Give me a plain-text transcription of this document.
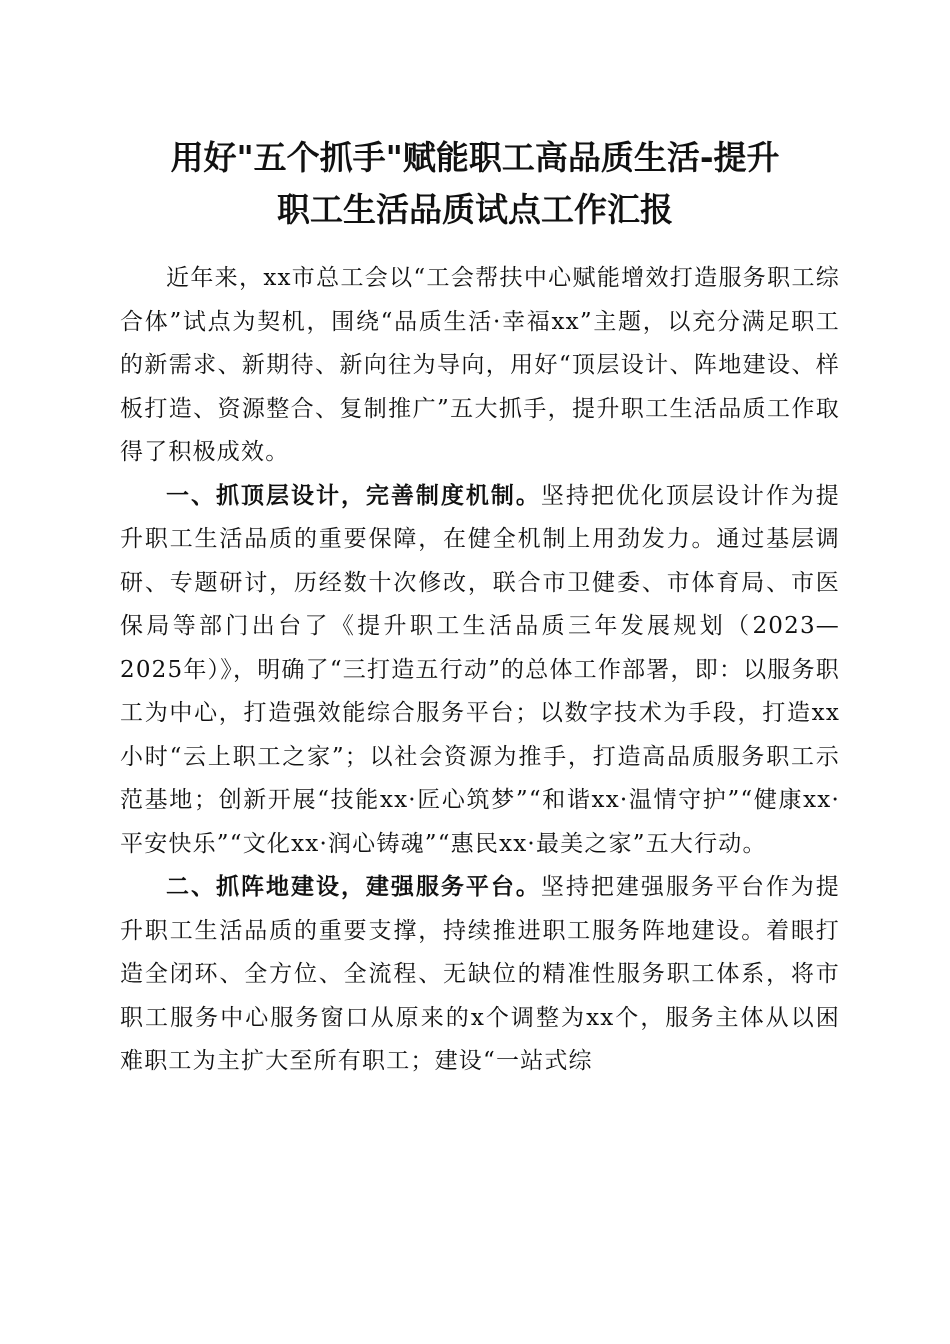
用好"五个抓手"赋能职工高品质生活-提升
职工生活品质试点工作汇报

近年来，xx市总工会以“工会帮扶中心赋能增效打造服务职工综合体”试点为契机，围绕“品质生活·幸福xx”主题，以充分满足职工的新需求、新期待、新向往为导向，用好“顶层设计、阵地建设、样板打造、资源整合、复制推广”五大抓手，提升职工生活品质工作取得了积极成效。

一、抓顶层设计，完善制度机制。坚持把优化顶层设计作为提升职工生活品质的重要保障，在健全机制上用劲发力。通过基层调研、专题研讨，历经数十次修改，联合市卫健委、市体育局、市医保局等部门出台了《提升职工生活品质三年发展规划（2023—2025年）》，明确了“三打造五行动”的总体工作部署，即：以服务职工为中心，打造强效能综合服务平台；以数字技术为手段，打造xx小时“云上职工之家”；以社会资源为推手，打造高品质服务职工示范基地；创新开展“技能xx·匠心筑梦”“和谐xx·温情守护”“健康xx·平安快乐”“文化xx·润心铸魂”“惠民xx·最美之家”五大行动。

二、抓阵地建设，建强服务平台。坚持把建强服务平台作为提升职工生活品质的重要支撑，持续推进职工服务阵地建设。着眼打造全闭环、全方位、全流程、无缺位的精准性服务职工体系，将市职工服务中心服务窗口从原来的x个调整为xx个，服务主体从以困难职工为主扩大至所有职工；建设“一站式综
